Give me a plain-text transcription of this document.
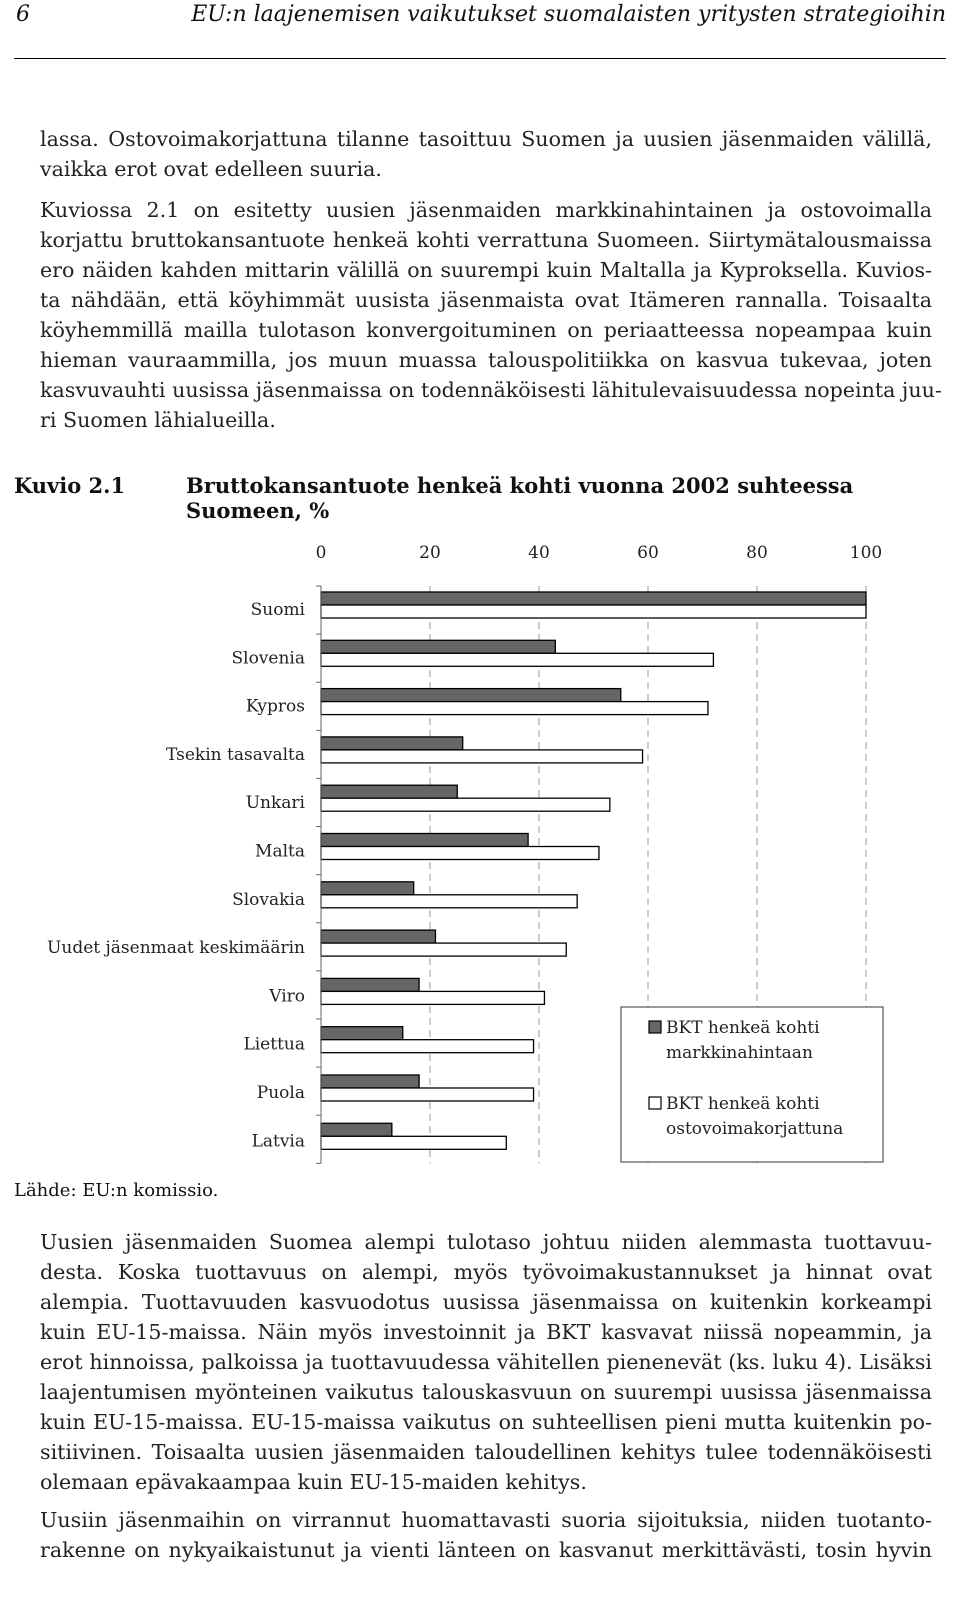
6	EU:n laajenemisen vaikutukset suomalaisten yritysten strategioihin
lassa. Ostovoimakorjattuna tilanne tasoittuu Suomen ja uusien jäsenmaiden välillä,
vaikka erot ovat edelleen suuria.
Kuviossa 2.1 on esitetty uusien jäsenmaiden markkinahintainen ja ostovoimalla
korjattu bruttokansantuote henkeä kohti verrattuna Suomeen. Siirtymätalousmaissa
ero näiden kahden mittarin välillä on suurempi kuin Maltalla ja Kyproksella. Kuvios-
ta nähdään, että köyhimmät uusista jäsenmaista ovat Itämeren rannalla. Toisaalta
köyhemmillä mailla tulotason konvergoituminen on periaatteessa nopeampaa kuin
hieman vauraammilla, jos muun muassa talouspolitiikka on kasvua tukevaa, joten
kasvuvauhti uusissa jäsenmaissa on todennäköisesti lähitulevaisuudessa nopeinta juu-
ri Suomen lähialueilla.
Kuvio 2.1	Bruttokansantuote henkeä kohti vuonna 2002 suhteessa Suomeen, %
0	20	40	60	80	100
Suomi
Slovenia
Kypros
Tsekin tasavalta
Unkari
Malta
Slovakia
Uudet jäsenmaat keskimäärin
Viro
Liettua
Puola
Latvia
BKT henkeä kohti
markkinahintaan
BKT henkeä kohti
ostovoimakorjattuna
Lähde: EU:n komissio.
Uusien jäsenmaiden Suomea alempi tulotaso johtuu niiden alemmasta tuottavuu-
desta. Koska tuottavuus on alempi, myös työvoimakustannukset ja hinnat ovat
alempia. Tuottavuuden kasvuodotus uusissa jäsenmaissa on kuitenkin korkeampi
kuin EU-15-maissa. Näin myös investoinnit ja BKT kasvavat niissä nopeammin, ja
erot hinnoissa, palkoissa ja tuottavuudessa vähitellen pienenevät (ks. luku 4). Lisäksi
laajentumisen myönteinen vaikutus talouskasvuun on suurempi uusissa jäsenmaissa
kuin EU-15-maissa. EU-15-maissa vaikutus on suhteellisen pieni mutta kuitenkin po-
sitiivinen. Toisaalta uusien jäsenmaiden taloudellinen kehitys tulee todennäköisesti
olemaan epävakaampaa kuin EU-15-maiden kehitys.
Uusiin jäsenmaihin on virrannut huomattavasti suoria sijoituksia, niiden tuotanto-
rakenne on nykyaikaistunut ja vienti länteen on kasvanut merkittävästi, tosin hyvin
